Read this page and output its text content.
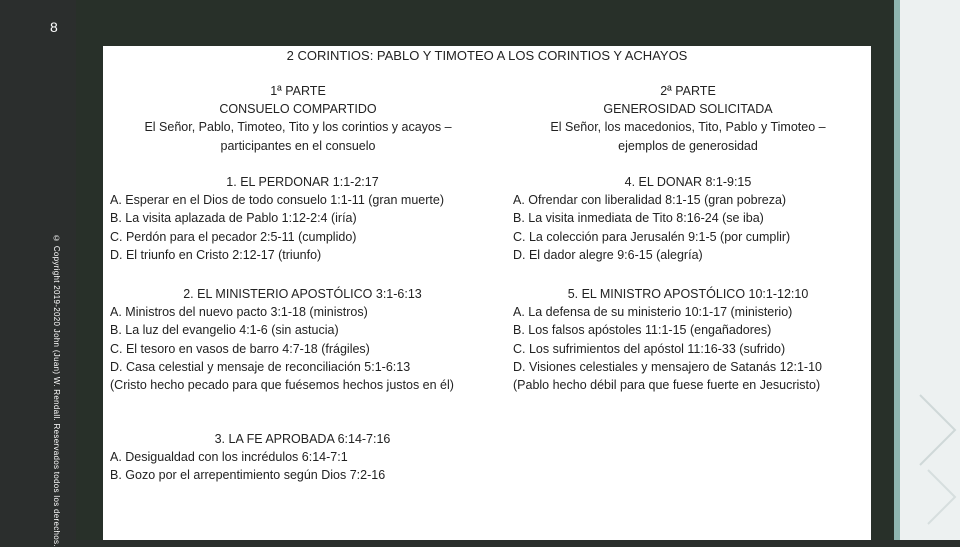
8
© Copyright 2019-2020 John (Juan) W. Rendall. Reservados todos los derechos.
2 CORINTIOS: PABLO Y TIMOTEO A LOS CORINTIOS Y ACHAYOS
1ª PARTE
CONSUELO COMPARTIDO
El Señor, Pablo, Timoteo, Tito y los corintios y acayos –
participantes en el consuelo
1. EL PERDONAR 1:1-2:17
A. Esperar en el Dios de todo consuelo 1:1-11 (gran muerte)
B. La visita aplazada de Pablo 1:12-2:4 (iría)
C. Perdón para el pecador 2:5-11 (cumplido)
D. El triunfo en Cristo 2:12-17 (triunfo)
2. EL MINISTERIO APOSTÓLICO 3:1-6:13
A. Ministros del nuevo pacto 3:1-18 (ministros)
B. La luz del evangelio 4:1-6 (sin astucia)
C. El tesoro en vasos de barro 4:7-18 (frágiles)
D. Casa celestial y mensaje de reconciliación 5:1-6:13
(Cristo hecho pecado para que fuésemos hechos justos en él)
3. LA FE APROBADA 6:14-7:16
A. Desigualdad con los incrédulos 6:14-7:1
B. Gozo por el arrepentimiento según Dios 7:2-16
2ª PARTE
GENEROSIDAD SOLICITADA
El Señor, los macedonios, Tito, Pablo y Timoteo –
ejemplos de generosidad
4. EL DONAR 8:1-9:15
A. Ofrendar con liberalidad 8:1-15 (gran pobreza)
B. La visita inmediata de Tito 8:16-24 (se iba)
C. La colección para Jerusalén 9:1-5 (por cumplir)
D. El dador alegre 9:6-15 (alegría)
5. EL MINISTRO APOSTÓLICO 10:1-12:10
A. La defensa de su ministerio 10:1-17 (ministerio)
B. Los falsos apóstoles 11:1-15 (engañadores)
C. Los sufrimientos del apóstol 11:16-33 (sufrido)
D. Visiones celestiales y mensajero de Satanás 12:1-10
(Pablo hecho débil para que fuese fuerte en Jesucristo)
